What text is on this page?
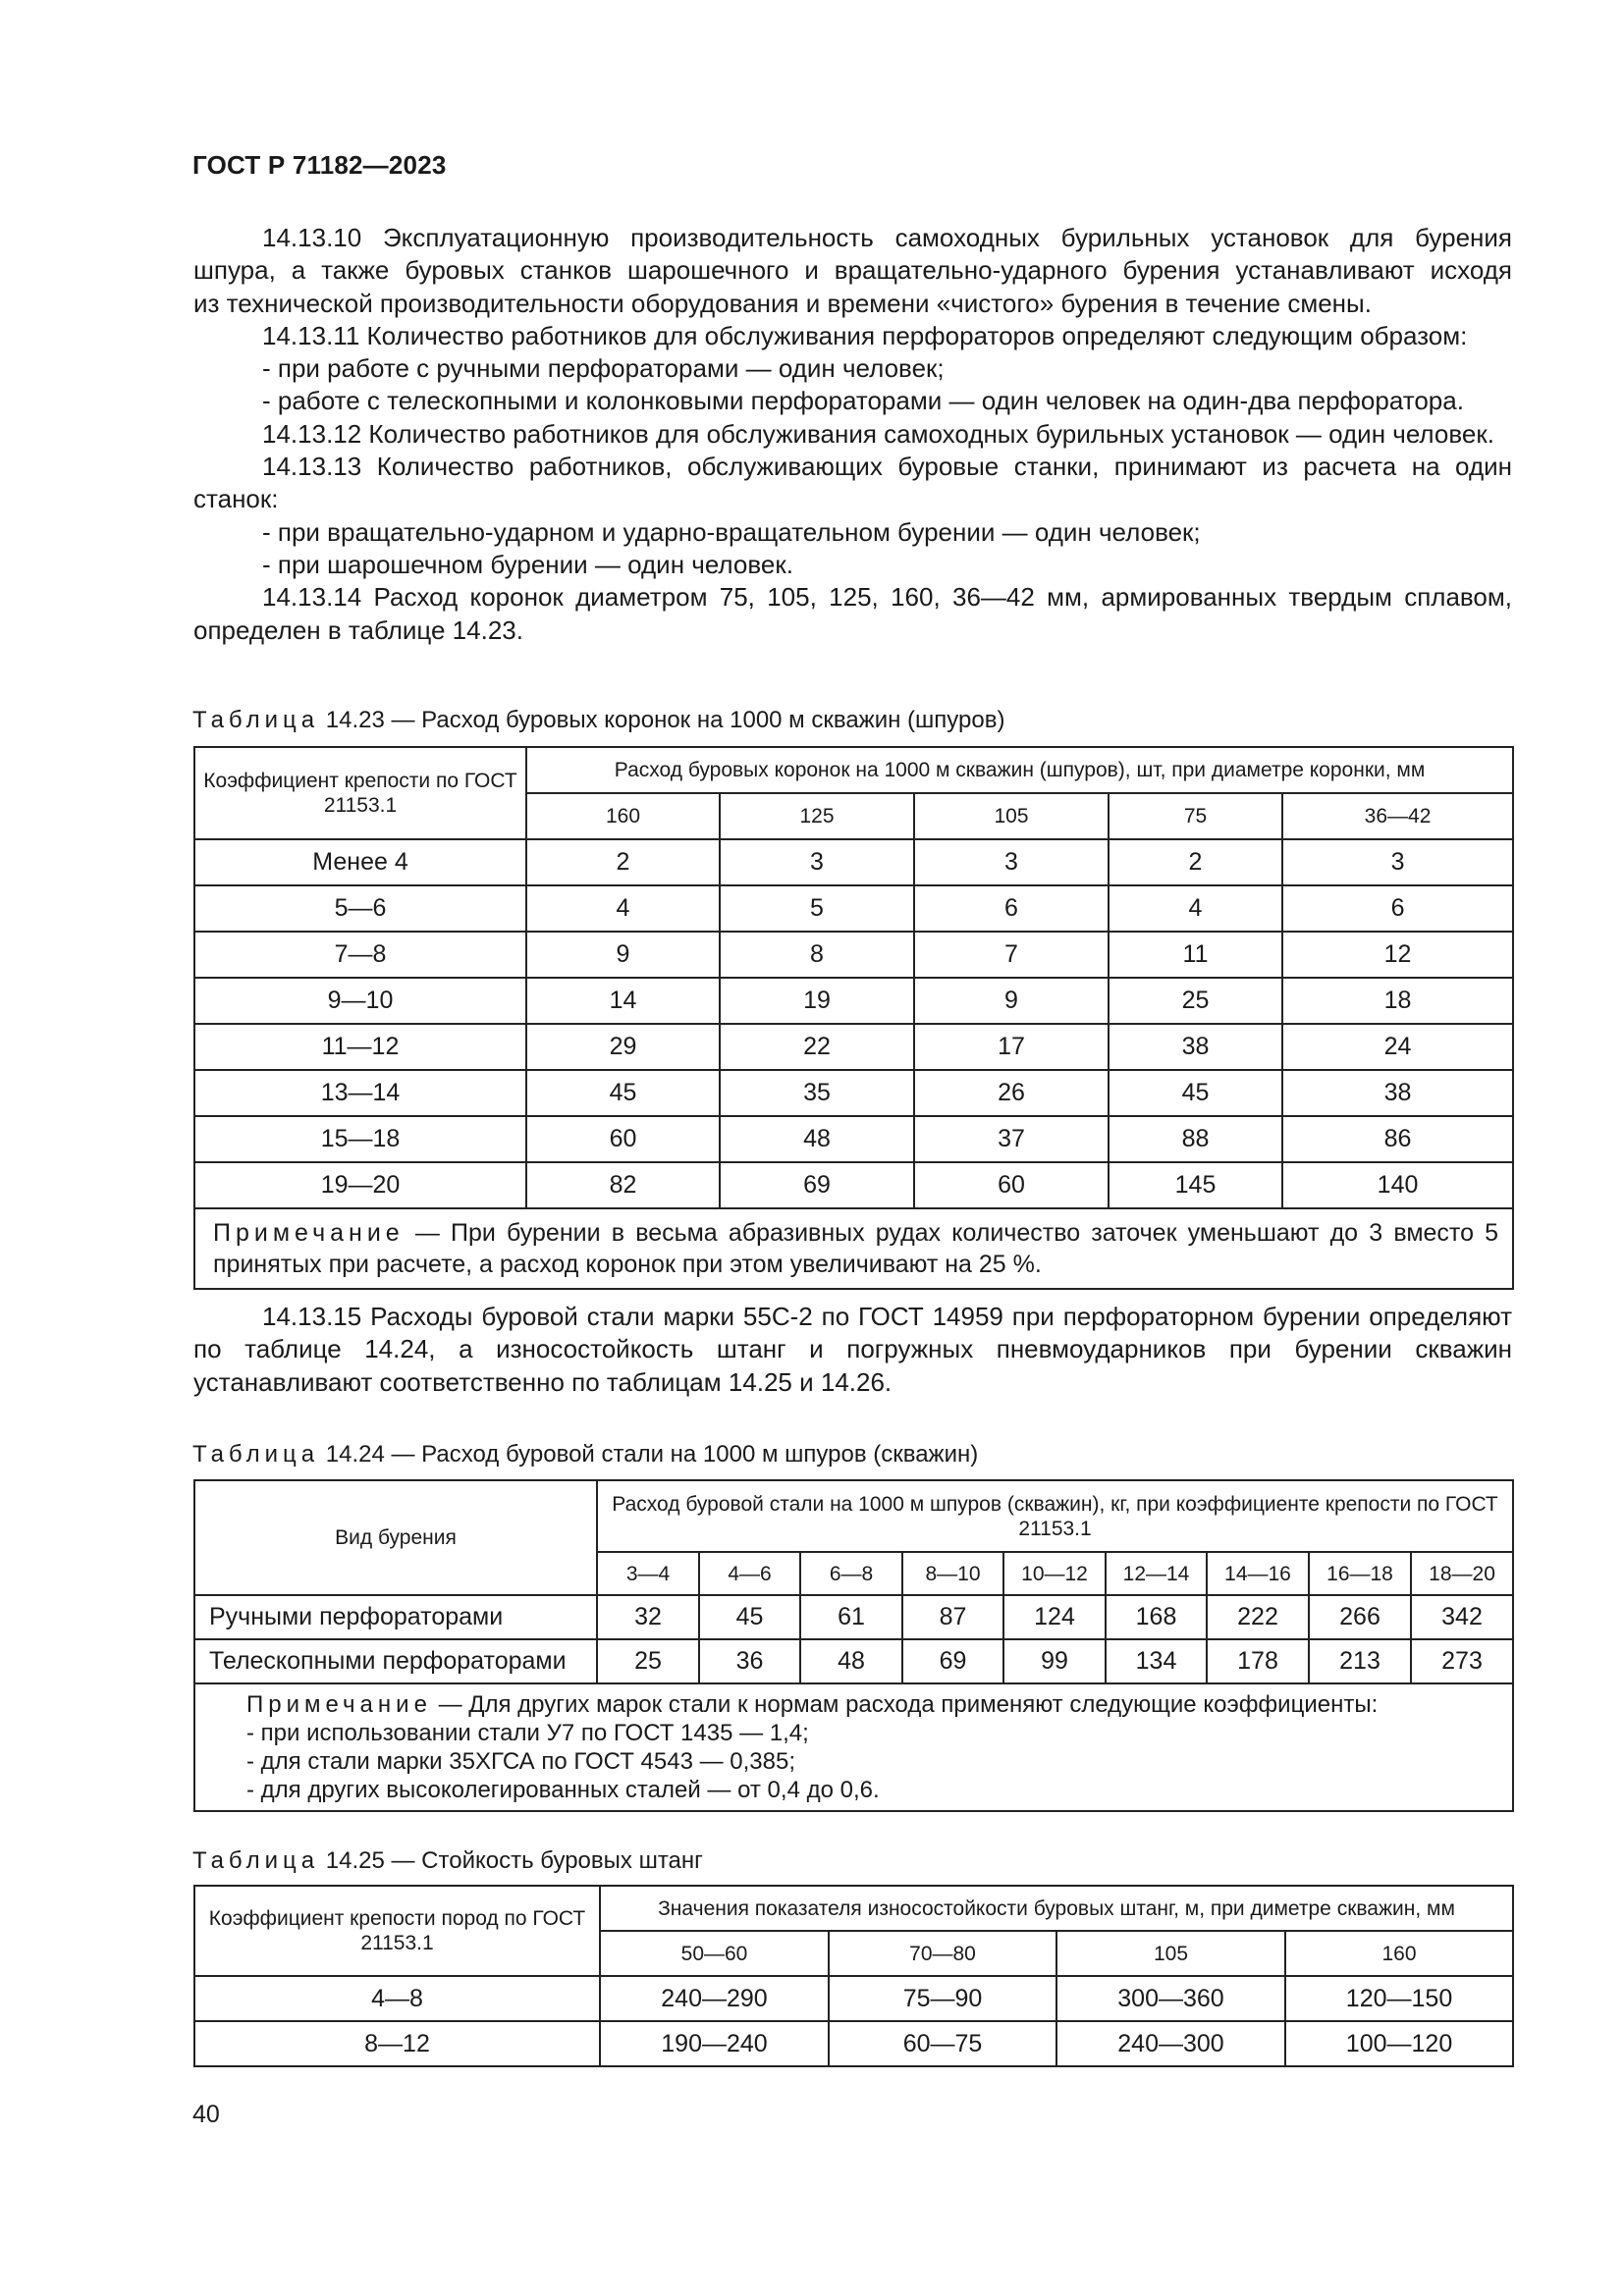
ГОСТ Р 71182—2023

14.13.10 Эксплуатационную производительность самоходных бурильных установок для бурения

шпура, а также буровых станков шарошечного и вращательно-ударного бурения устанавливают исходя

из технической производительности оборудования и времени «чистого» бурения в течение смены.

14.13.11 Количество работников для обслуживания перфораторов определяют следующим образом:

- при работе с ручными перфораторами — один человек;

- работе с телескопными и колонковыми перфораторами — один человек на один-два перфоратора.

14.13.12 Количество работников для обслуживания самоходных бурильных установок — один человек.

14.13.13 Количество работников, обслуживающих буровые станки, принимают из расчета на один станок:

- при вращательно-ударном и ударно-вращательном бурении — один человек;

- при шарошечном бурении — один человек.

14.13.14 Расход коронок диаметром 75, 105, 125, 160, 36—42 мм, армированных твердым сплавом, определен в таблице 14.23.

Таблица 14.23 — Расход буровых коронок на 1000 м скважин (шпуров)
Коэффициент крепости по ГОСТ 21153.1	Расход буровых коронок на 1000 м скважин (шпуров), шт, при диаметре коронки, мм				
	160	125	105	75	36—42
Менее 4	2	3	3	2	3
5—6	4	5	6	4	6
7—8	9	8	7	11	12
9—10	14	19	9	25	18
11—12	29	22	17	38	24
13—14	45	35	26	45	38
15—18	60	48	37	88	86
19—20	82	69	60	145	140
Примечание — При бурении в весьма абразивных рудах количество заточек уменьшают до 3 вместо 5 принятых при расчете, а расход коронок при этом увеличивают на 25 %.					

14.13.15 Расходы буровой стали марки 55С-2 по ГОСТ 14959 при перфораторном бурении определяют по таблице 14.24, а износостойкость штанг и погружных пневмоударников при бурении скважин устанавливают соответственно по таблицам 14.25 и 14.26.

Таблица 14.24 — Расход буровой стали на 1000 м шпуров (скважин)
Вид бурения	Расход буровой стали на 1000 м шпуров (скважин), кг, при коэффициенте крепости по ГОСТ 21153.1								
	3—4	4—6	6—8	8—10	10—12	12—14	14—16	16—18	18—20
Ручными перфораторами	32	45	61	87	124	168	222	266	342
Телескопными перфораторами	25	36	48	69	99	134	178	213	273

Примечание — Для других марок стали к нормам расхода применяют следующие коэффициенты:
- при использовании стали У7 по ГОСТ 1435 — 1,4;
- для стали марки 35ХГСА по ГОСТ 4543 — 0,385;
- для других высоколегированных сталей — от 0,4 до 0,6.									
Таблица 14.25 — Стойкость буровых штанг
Коэффициент крепости пород по ГОСТ 21153.1	Значения показателя износостойкости буровых штанг, м, при диметре скважин, мм			
	50—60	70—80	105	160
4—8	240—290	75—90	300—360	120—150
8—12	190—240	60—75	240—300	100—120
40
